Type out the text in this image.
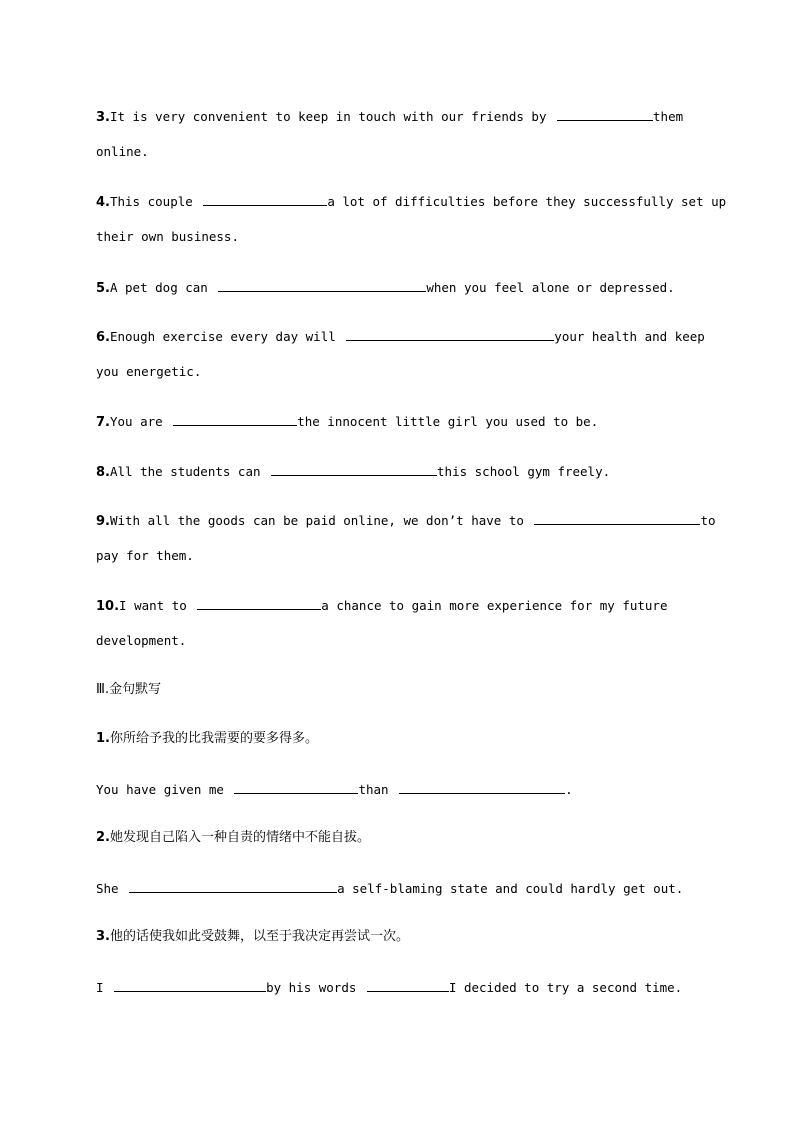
3.It is very convenient to keep in touch with our friends by	them
online.
4.This couple	a lot of difficulties before they successfully set up
their own business.
5.A pet dog can	when you feel alone or depressed.
6.Enough exercise every day will	your health and keep
you energetic.
7.You are	the innocent little girl you used to be.
8.All the students can	this school gym freely.
9.With all the goods can be paid online, we don’t have to	to
pay for them.
10.I want to	a chance to gain more experience for my future
development.
Ⅲ.金句默写
1.你所给予我的比我需要的要多得多。
You have given me	than	.
2.她发现自己陷入一种自责的情绪中不能自拔。
She	a self-blaming state and could hardly get out.
3.他的话使我如此受鼓舞，以至于我决定再尝试一次。
I	by his words	I decided to try a second time.
